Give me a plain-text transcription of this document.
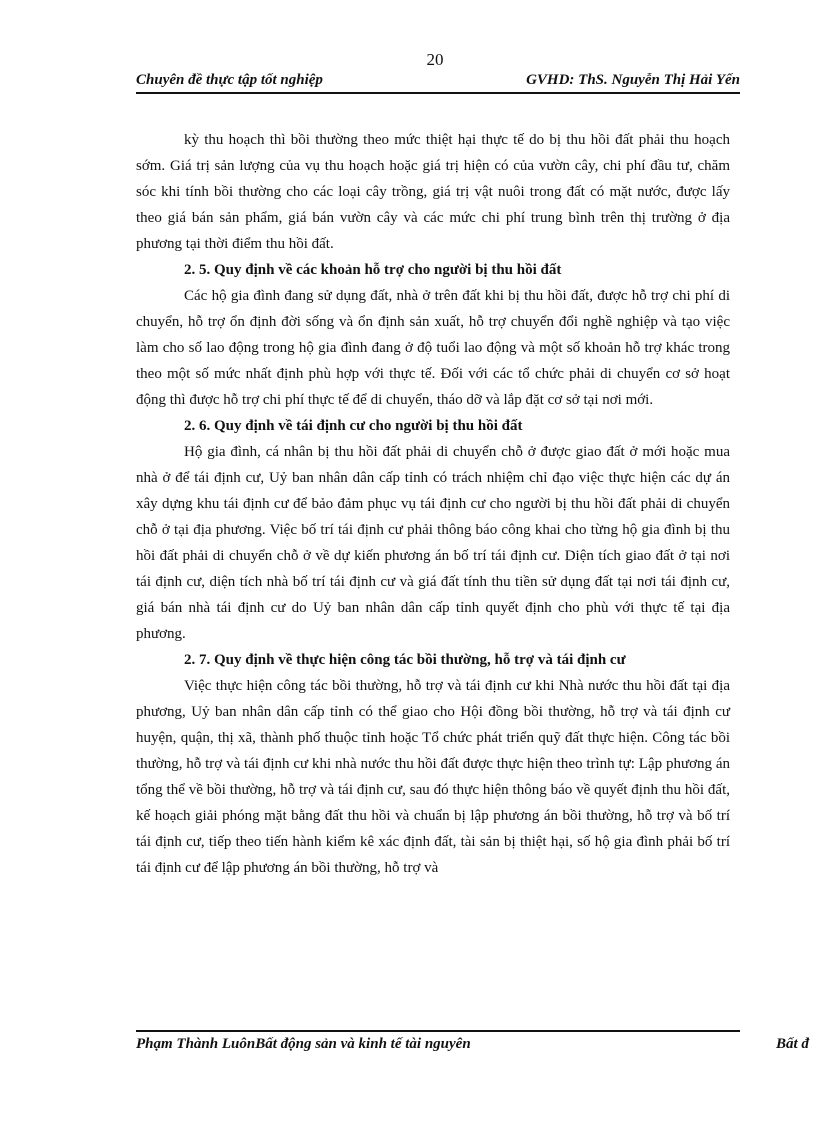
20
Chuyên đề thực tập tốt nghiệp	GVHD: ThS. Nguyễn Thị Hải Yến

kỳ thu hoạch thì bồi thường theo mức thiệt hại thực tế do bị thu hồi đất phải thu hoạch sớm. Giá trị sản lượng của vụ thu hoạch hoặc giá trị hiện có của vườn cây, chi phí đầu tư, chăm sóc khi tính bồi thường cho các loại cây trồng, giá trị vật nuôi trong đất có mặt nước, được lấy theo giá bán sản phẩm, giá bán vườn cây và các mức chi phí trung bình trên thị trường ở địa phương tại thời điểm thu hồi đất.

2. 5. Quy định về các khoản hỗ trợ cho người bị thu hồi đất

Các hộ gia đình đang sử dụng đất, nhà ở trên đất khi bị thu hồi đất, được hỗ trợ chi phí di chuyển, hỗ trợ ổn định đời sống và ổn định sản xuất, hỗ trợ chuyển đổi nghề nghiệp và tạo việc làm cho số lao động trong hộ gia đình đang ở độ tuổi lao động và một số khoản hỗ trợ khác trong theo một số mức nhất định phù hợp với thực tế. Đối với các tổ chức phải di chuyển cơ sở hoạt động thì được hỗ trợ chi phí thực tế để di chuyển, tháo dỡ và lắp đặt cơ sở tại nơi mới.

2. 6. Quy định về tái định cư cho người bị thu hồi đất

Hộ gia đình, cá nhân bị thu hồi đất phải di chuyển chỗ ở được giao đất ở mới hoặc mua nhà ở để tái định cư, Uỷ ban nhân dân cấp tỉnh có trách nhiệm chỉ đạo việc thực hiện các dự án xây dựng khu tái định cư để bảo đảm phục vụ tái định cư cho người bị thu hồi đất phải di chuyển chỗ ở tại địa phương. Việc bố trí tái định cư phải thông báo công khai cho từng hộ gia đình bị thu hồi đất phải di chuyển chỗ ở về dự kiến phương án bố trí tái định cư. Diện tích giao đất ở tại nơi tái định cư, diện tích nhà bố trí tái định cư và giá đất tính thu tiền sử dụng đất tại nơi tái định cư, giá bán nhà tái định cư do Uỷ ban nhân dân cấp tỉnh quyết định cho phù với thực tế tại địa phương.

2. 7. Quy định về thực hiện công tác bồi thường, hỗ trợ và tái định cư

Việc thực hiện công tác bồi thường, hỗ trợ và tái định cư khi Nhà nước thu hồi đất tại địa phương, Uỷ ban nhân dân cấp tỉnh có thể giao cho Hội đồng bồi thường, hỗ trợ và tái định cư huyện, quận, thị xã, thành phố thuộc tỉnh hoặc Tổ chức phát triển quỹ đất thực hiện. Công tác bồi thường, hỗ trợ và tái định cư khi nhà nước thu hồi đất được thực hiện theo trình tự: Lập phương án tổng thể về bồi thường, hỗ trợ và tái định cư, sau đó thực hiện thông báo về quyết định thu hồi đất, kế hoạch giải phóng mặt bằng đất thu hồi và chuẩn bị lập phương án bồi thường, hỗ trợ và bố trí tái định cư, tiếp theo tiến hành kiểm kê xác định đất, tài sản bị thiệt hại, số hộ gia đình phải bố trí tái định cư để lập phương án bồi thường, hỗ trợ và

Phạm Thành LuônBất động sản và kinh tế tài nguyên	Bất đ
